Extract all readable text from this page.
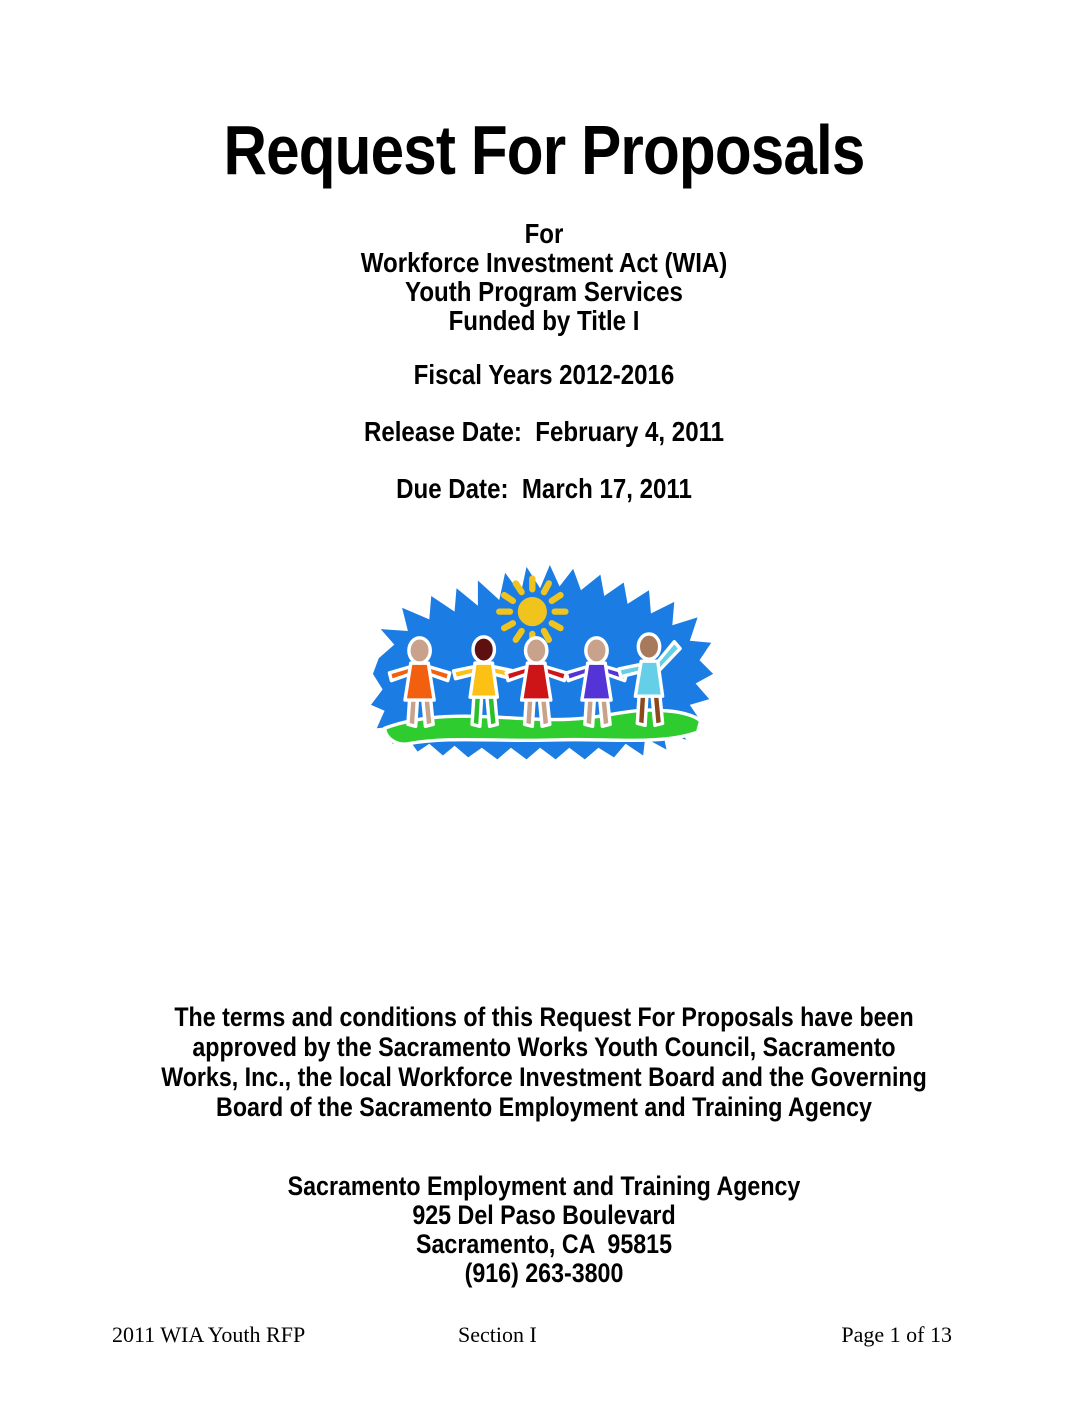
Request For Proposals
For
Workforce Investment Act (WIA)
Youth Program Services
Funded by Title I
Fiscal Years 2012-2016
Release Date:  February 4, 2011
Due Date:  March 17, 2011
The terms and conditions of this Request For Proposals have been
approved by the Sacramento Works Youth Council, Sacramento
Works, Inc., the local Workforce Investment Board and the Governing
Board of the Sacramento Employment and Training Agency
Sacramento Employment and Training Agency
925 Del Paso Boulevard
Sacramento, CA  95815
(916) 263-3800
2011 WIA Youth RFP	Section I	Page 1 of 13
